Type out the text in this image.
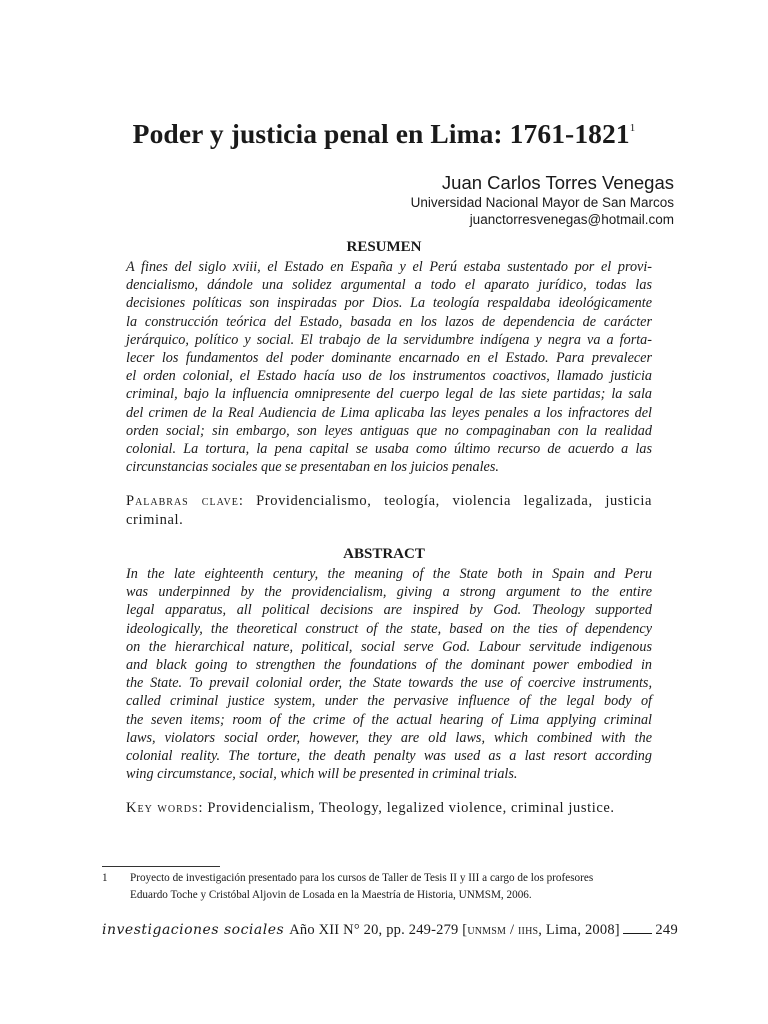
Poder y justicia penal en Lima: 1761-1821$^1$
Juan Carlos Torres Venegas
Universidad Nacional Mayor de San Marcos
juanctorresvenegas@hotmail.com
RESUMEN
A fines del siglo xviii, el Estado en España y el Perú estaba sustentado por el provi-
dencialismo, dándole una solidez argumental a todo el aparato jurídico, todas las
decisiones políticas son inspiradas por Dios. La teología respaldaba ideológicamente
la construcción teórica del Estado, basada en los lazos de dependencia de carácter
jerárquico, político y social. El trabajo de la servidumbre indígena y negra va a forta-
lecer los fundamentos del poder dominante encarnado en el Estado. Para prevalecer
el orden colonial, el Estado hacía uso de los instrumentos coactivos, llamado justicia
criminal, bajo la influencia omnipresente del cuerpo legal de las siete partidas; la sala
del crimen de la Real Audiencia de Lima aplicaba las leyes penales a los infractores del
orden social; sin embargo, son leyes antiguas que no compaginaban con la realidad
colonial. La tortura, la pena capital se usaba como último recurso de acuerdo a las
circunstancias sociales que se presentaban en los juicios penales.
Palabras clave: Providencialismo, teología, violencia legalizada, justicia criminal.
ABSTRACT
In the late eighteenth century, the meaning of the State both in Spain and Peru
was underpinned by the providencialism, giving a strong argument to the entire
legal apparatus, all political decisions are inspired by God. Theology supported
ideologically, the theoretical construct of the state, based on the ties of dependency
on the hierarchical nature, political, social serve God. Labour servitude indigenous
and black going to strengthen the foundations of the dominant power embodied in
the State. To prevail colonial order, the State towards the use of coercive instruments,
called criminal justice system, under the pervasive influence of the legal body of
the seven items; room of the crime of the actual hearing of Lima applying criminal
laws, violators social order, however, they are old laws, which combined with the
colonial reality. The torture, the death penalty was used as a last resort according
wing circumstance, social, which will be presented in criminal trials.
Key words: Providencialism, Theology, legalized violence, criminal justice.
1 Proyecto de investigación presentado para los cursos de Taller de Tesis II y III a cargo de los profesores
Eduardo Toche y Cristóbal Aljovin de Losada en la Maestría de Historia, UNMSM, 2006.
investigaciones sociales Año XII N° 20, pp. 249-279 [unmsm / iihs, Lima, 2008] 249
